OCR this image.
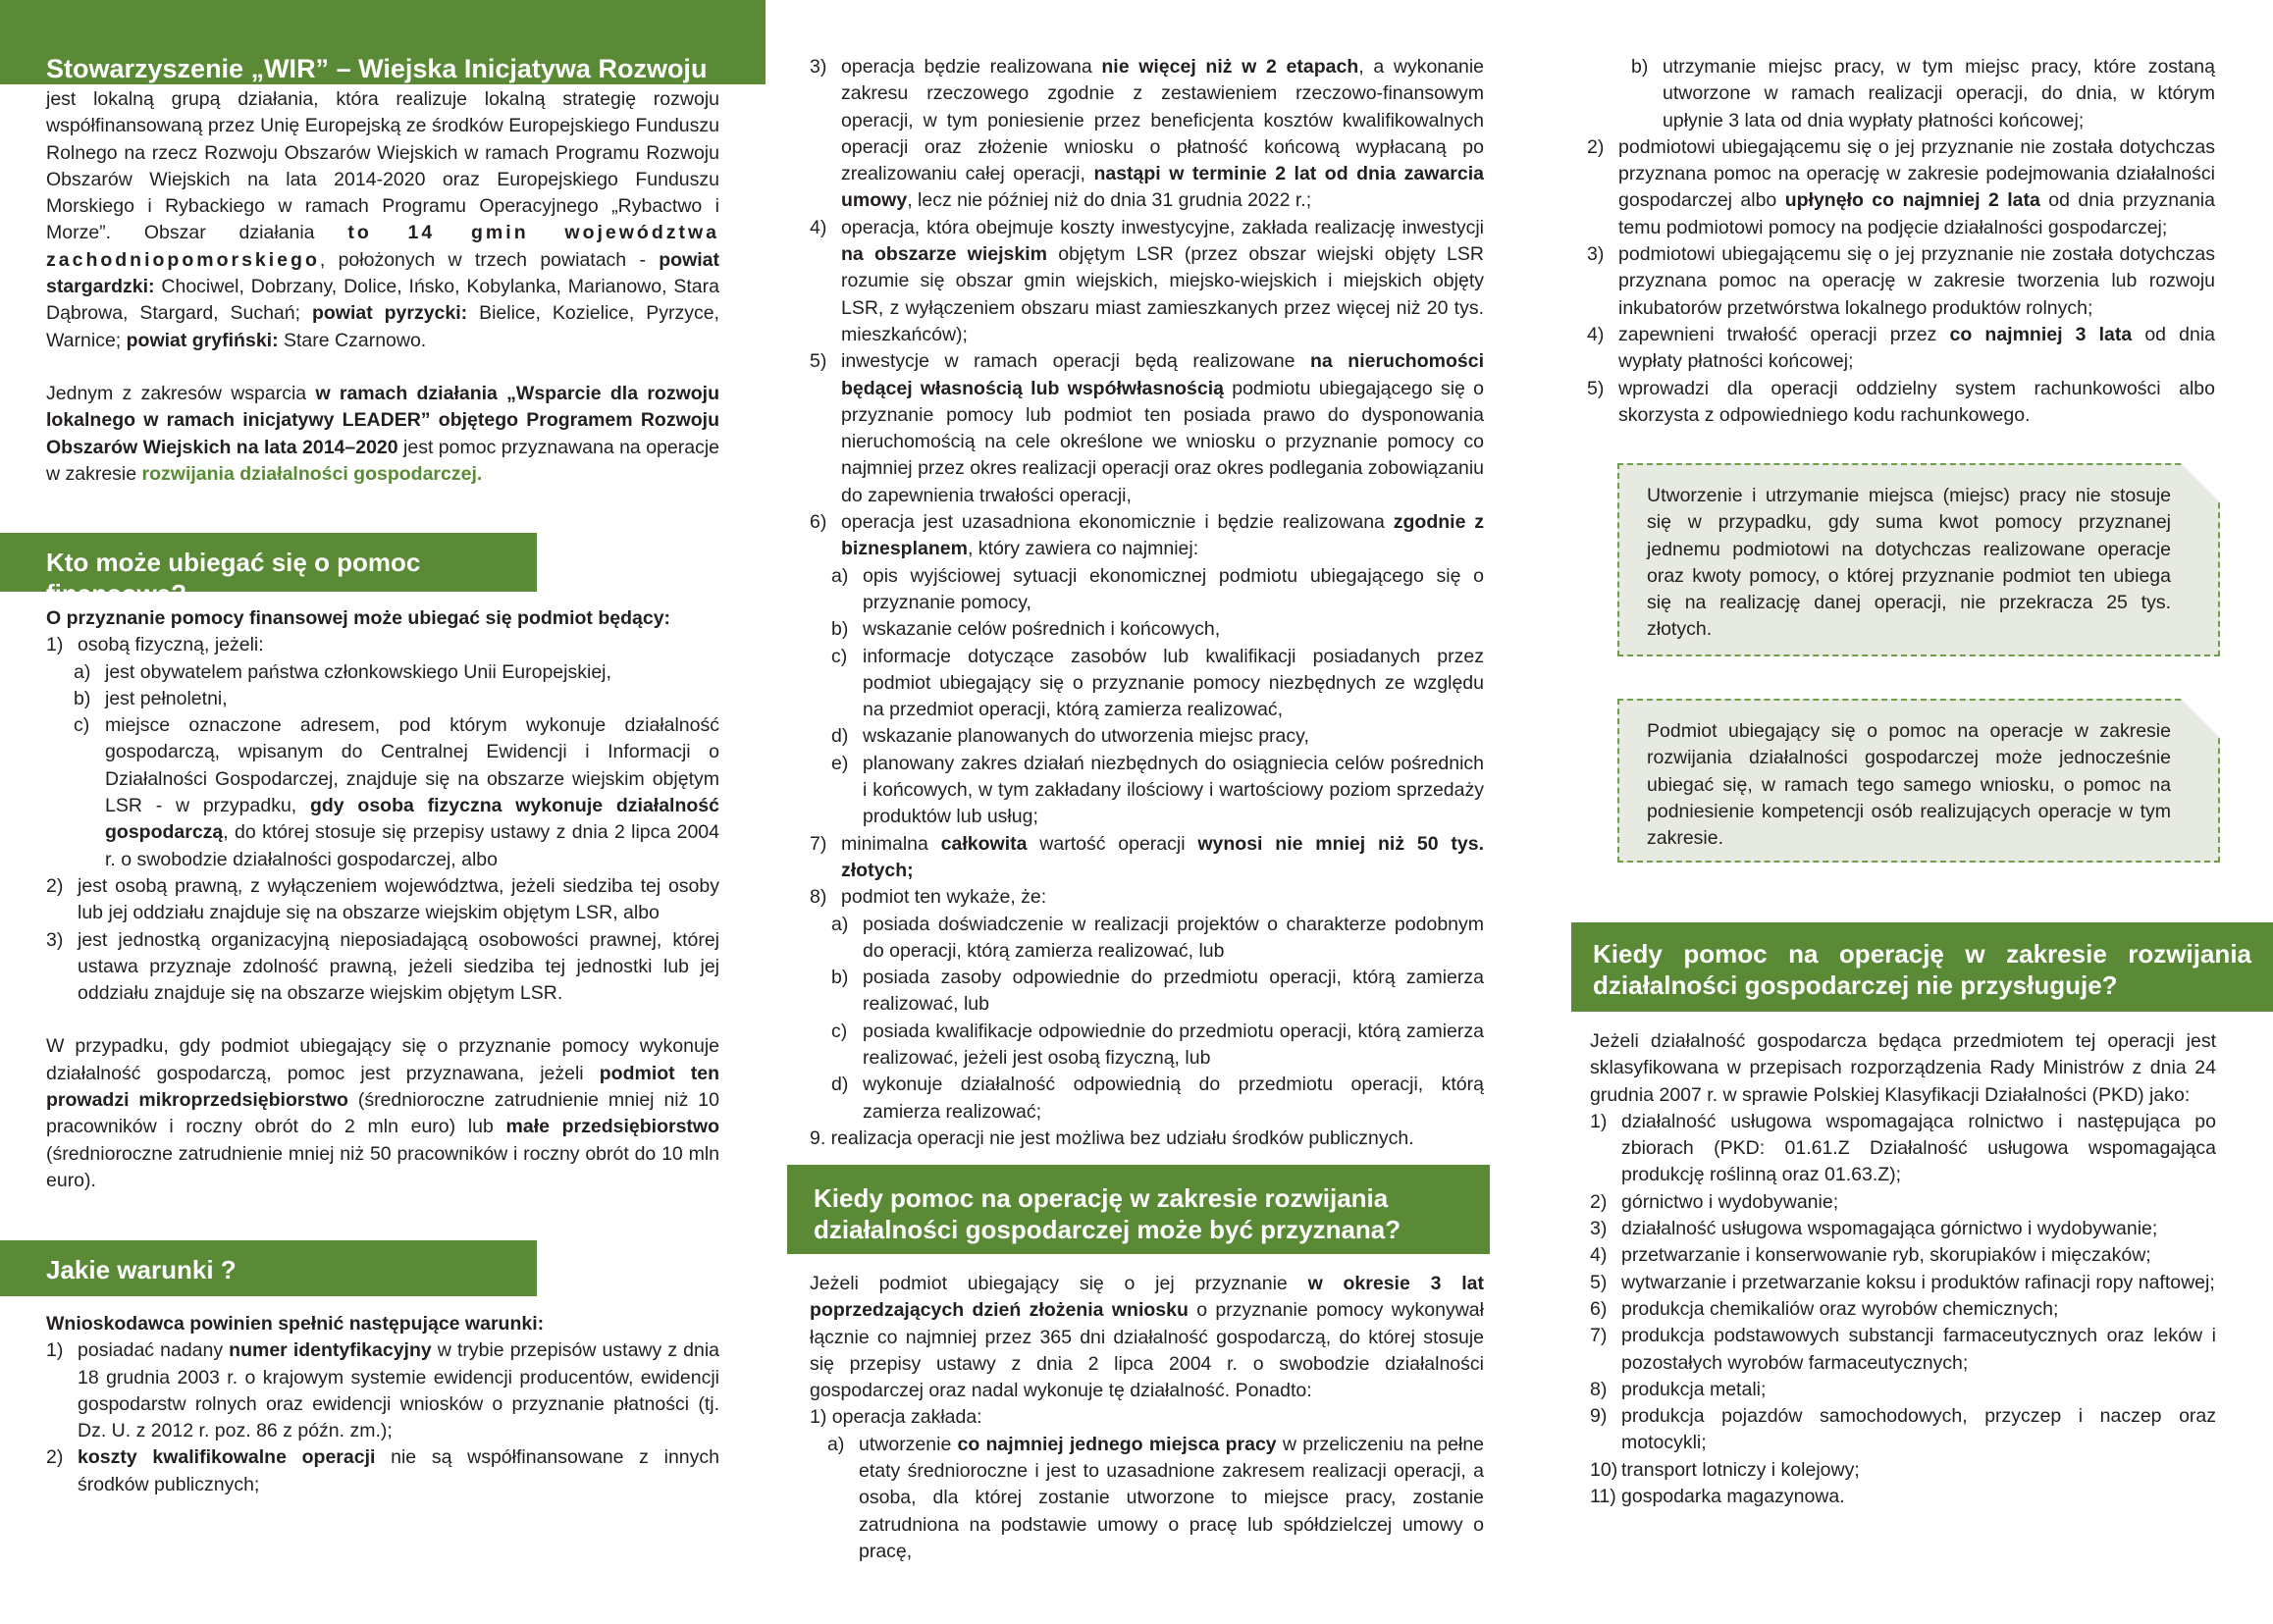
Stowarzyszenie „WIR” – Wiejska Inicjatywa Rozwoju

jest lokalną grupą działania, która realizuje lokalną strategię rozwoju współfinansowaną przez Unię Europejską ze środków Europejskiego Funduszu Rolnego na rzecz Rozwoju Obszarów Wiejskich w ramach Programu Rozwoju Obszarów Wiejskich na lata 2014-2020 oraz Europejskiego Funduszu Morskiego i Rybackiego w ramach Programu Operacyjnego „Rybactwo i Morze”. Obszar działania to 14 gmin województwa zachodniopomorskiego, położonych w trzech powiatach - powiat stargardzki: Chociwel, Dobrzany, Dolice, Ińsko, Kobylanka, Marianowo, Stara Dąbrowa, Stargard, Suchań; powiat pyrzycki: Bielice, Kozielice, Pyrzyce, Warnice; powiat gryfiński: Stare Czarnowo.

Jednym z zakresów wsparcia w ramach działania „Wsparcie dla rozwoju lokalnego w ramach inicjatywy LEADER” objętego Programem Rozwoju Obszarów Wiejskich na lata 2014–2020 jest pomoc przyznawana na operacje w zakresie rozwijania działalności gospodarczej.

Kto może ubiegać się o pomoc finansową?

O przyznanie pomocy finansowej może ubiegać się podmiot będący:

1) osobą fizyczną, jeżeli:
a) jest obywatelem państwa członkowskiego Unii Europejskiej,
b) jest pełnoletni,
c) miejsce oznaczone adresem, pod którym wykonuje działalność gospodarczą, wpisanym do Centralnej Ewidencji i Informacji o Działalności Gospodarczej, znajduje się na obszarze wiejskim objętym LSR - w przypadku, gdy osoba fizyczna wykonuje działalność gospodarczą, do której stosuje się przepisy ustawy z dnia 2 lipca 2004 r. o swobodzie działalności gospodarczej, albo
2) jest osobą prawną, z wyłączeniem województwa, jeżeli siedziba tej osoby lub jej oddziału znajduje się na obszarze wiejskim objętym LSR, albo
3) jest jednostką organizacyjną nieposiadającą osobowości prawnej, której ustawa przyznaje zdolność prawną, jeżeli siedziba tej jednostki lub jej oddziału znajduje się na obszarze wiejskim objętym LSR.

W przypadku, gdy podmiot ubiegający się o przyznanie pomocy wykonuje działalność gospodarczą, pomoc jest przyznawana, jeżeli podmiot ten prowadzi mikroprzedsiębiorstwo (średnioroczne zatrudnienie mniej niż 10 pracowników i roczny obrót do 2 mln euro) lub małe przedsiębiorstwo (średnioroczne zatrudnienie mniej niż 50 pracowników i roczny obrót do 10 mln euro).

Jakie warunki ?

Wnioskodawca powinien spełnić następujące warunki:

1) posiadać nadany numer identyfikacyjny w trybie przepisów ustawy z dnia 18 grudnia 2003 r. o krajowym systemie ewidencji producentów, ewidencji gospodarstw rolnych oraz ewidencji wniosków o przyznanie płatności (tj. Dz. U. z 2012 r. poz. 86 z późn. zm.);
2) koszty kwalifikowalne operacji nie są współfinansowane z innych środków publicznych;
3) operacja będzie realizowana nie więcej niż w 2 etapach, a wykonanie zakresu rzeczowego zgodnie z zestawieniem rzeczowo-finansowym operacji, w tym poniesienie przez beneficjenta kosztów kwalifikowalnych operacji oraz złożenie wniosku o płatność końcową wypłacaną po zrealizowaniu całej operacji, nastąpi w terminie 2 lat od dnia zawarcia umowy, lecz nie później niż do dnia 31 grudnia 2022 r.;
4) operacja, która obejmuje koszty inwestycyjne, zakłada realizację inwestycji na obszarze wiejskim objętym LSR (przez obszar wiejski objęty LSR rozumie się obszar gmin wiejskich, miejsko-wiejskich i miejskich objęty LSR, z wyłączeniem obszaru miast zamieszkanych przez więcej niż 20 tys. mieszkańców);
5) inwestycje w ramach operacji będą realizowane na nieruchomości będącej własnością lub współwłasnością podmiotu ubiegającego się o przyznanie pomocy lub podmiot ten posiada prawo do dysponowania nieruchomością na cele określone we wniosku o przyznanie pomocy co najmniej przez okres realizacji operacji oraz okres podlegania zobowiązaniu do zapewnienia trwałości operacji,
6) operacja jest uzasadniona ekonomicznie i będzie realizowana zgodnie z biznesplanem, który zawiera co najmniej:
a) opis wyjściowej sytuacji ekonomicznej podmiotu ubiegającego się o przyznanie pomocy,
b) wskazanie celów pośrednich i końcowych,
c) informacje dotyczące zasobów lub kwalifikacji posiadanych przez podmiot ubiegający się o przyznanie pomocy niezbędnych ze względu na przedmiot operacji, którą zamierza realizować,
d) wskazanie planowanych do utworzenia miejsc pracy,
e) planowany zakres działań niezbędnych do osiągniecia celów pośrednich i końcowych, w tym zakładany ilościowy i wartościowy poziom sprzedaży produktów lub usług;
7) minimalna całkowita wartość operacji wynosi nie mniej niż 50 tys. złotych;
8) podmiot ten wykaże, że:
a) posiada doświadczenie w realizacji projektów o charakterze podobnym do operacji, którą zamierza realizować, lub
b) posiada zasoby odpowiednie do przedmiotu operacji, którą zamierza realizować, lub
c) posiada kwalifikacje odpowiednie do przedmiotu operacji, którą zamierza realizować, jeżeli jest osobą fizyczną, lub
d) wykonuje działalność odpowiednią do przedmiotu operacji, którą zamierza realizować;

9. realizacja operacji nie jest możliwa bez udziału środków publicznych.

Kiedy pomoc na operację w zakresie rozwijania działalności gospodarczej może być przyznana?

Jeżeli podmiot ubiegający się o jej przyznanie w okresie 3 lat poprzedzających dzień złożenia wniosku o przyznanie pomocy wykonywał łącznie co najmniej przez 365 dni działalność gospodarczą, do której stosuje się przepisy ustawy z dnia 2 lipca 2004 r. o swobodzie działalności gospodarczej oraz nadal wykonuje tę działalność. Ponadto:

1) operacja zakłada:

a) utworzenie co najmniej jednego miejsca pracy w przeliczeniu na pełne etaty średnioroczne i jest to uzasadnione zakresem realizacji operacji, a osoba, dla której zostanie utworzone to miejsce pracy, zostanie zatrudniona na podstawie umowy o pracę lub spółdzielczej umowy o pracę,
b) utrzymanie miejsc pracy, w tym miejsc pracy, które zostaną utworzone w ramach realizacji operacji, do dnia, w którym upłynie 3 lata od dnia wypłaty płatności końcowej;
2) podmiotowi ubiegającemu się o jej przyznanie nie została dotychczas przyznana pomoc na operację w zakresie podejmowania działalności gospodarczej albo upłynęło co najmniej 2 lata od dnia przyznania temu podmiotowi pomocy na podjęcie działalności gospodarczej;
3) podmiotowi ubiegającemu się o jej przyznanie nie została dotychczas przyznana pomoc na operację w zakresie tworzenia lub rozwoju inkubatorów przetwórstwa lokalnego produktów rolnych;
4) zapewnieni trwałość operacji przez co najmniej 3 lata od dnia wypłaty płatności końcowej;
5) wprowadzi dla operacji oddzielny system rachunkowości albo skorzysta z odpowiedniego kodu rachunkowego.
Utworzenie i utrzymanie miejsca (miejsc) pracy nie stosuje się w przypadku, gdy suma kwot pomocy przyznanej jednemu podmiotowi na dotychczas realizowane operacje oraz kwoty pomocy, o której przyznanie podmiot ten ubiega się na realizację danej operacji, nie przekracza 25 tys. złotych.
Podmiot ubiegający się o pomoc na operacje w zakresie rozwijania działalności gospodarczej może jednocześnie ubiegać się, w ramach tego samego wniosku, o pomoc na podniesienie kompetencji osób realizujących operacje w tym zakresie.
Kiedy pomoc na operację w zakresie rozwijania działalności gospodarczej nie przysługuje?

Jeżeli działalność gospodarcza będąca przedmiotem tej operacji jest sklasyfikowana w przepisach rozporządzenia Rady Ministrów z dnia 24 grudnia 2007 r. w sprawie Polskiej Klasyfikacji Działalności (PKD) jako:

1) działalność usługowa wspomagająca rolnictwo i następująca po zbiorach (PKD: 01.61.Z Działalność usługowa wspomagająca produkcję roślinną oraz 01.63.Z);
2) górnictwo i wydobywanie;
3) działalność usługowa wspomagająca górnictwo i wydobywanie;
4) przetwarzanie i konserwowanie ryb, skorupiaków i mięczaków;
5) wytwarzanie i przetwarzanie koksu i produktów rafinacji ropy naftowej;
6) produkcja chemikaliów oraz wyrobów chemicznych;
7) produkcja podstawowych substancji farmaceutycznych oraz leków i pozostałych wyrobów farmaceutycznych;
8) produkcja metali;
9) produkcja pojazdów samochodowych, przyczep i naczep oraz motocykli;
10) transport lotniczy i kolejowy;
11) gospodarka magazynowa.
